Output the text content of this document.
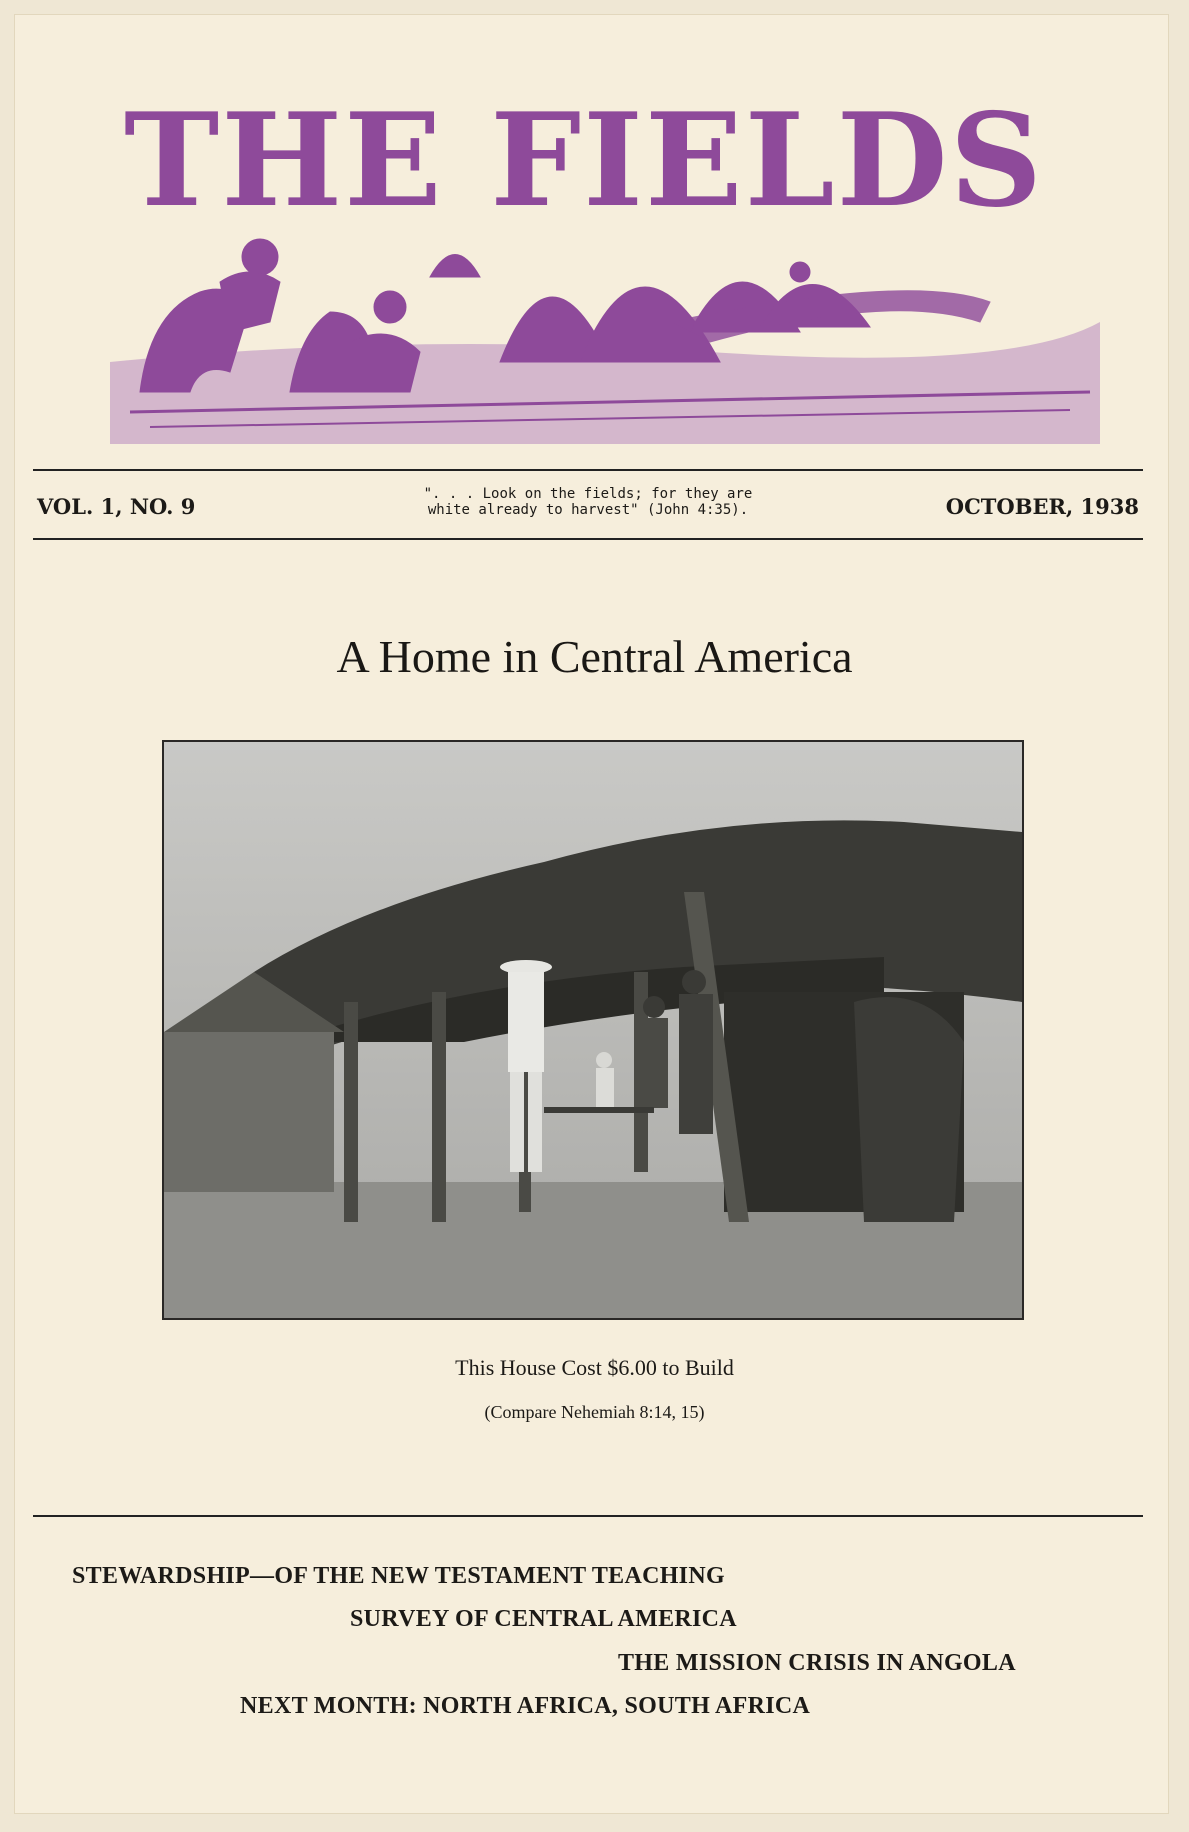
THE FIELDS
VOL. 1, NO. 9	". . . Look on the fields; for they are
white already to harvest" (John 4:35).	OCTOBER, 1938
A Home in Central America
This House Cost $6.00 to Build
(Compare Nehemiah 8:14, 15)
STEWARDSHIP—OF THE NEW TESTAMENT TEACHING
SURVEY OF CENTRAL AMERICA
THE MISSION CRISIS IN ANGOLA
NEXT MONTH: NORTH AFRICA, SOUTH AFRICA
